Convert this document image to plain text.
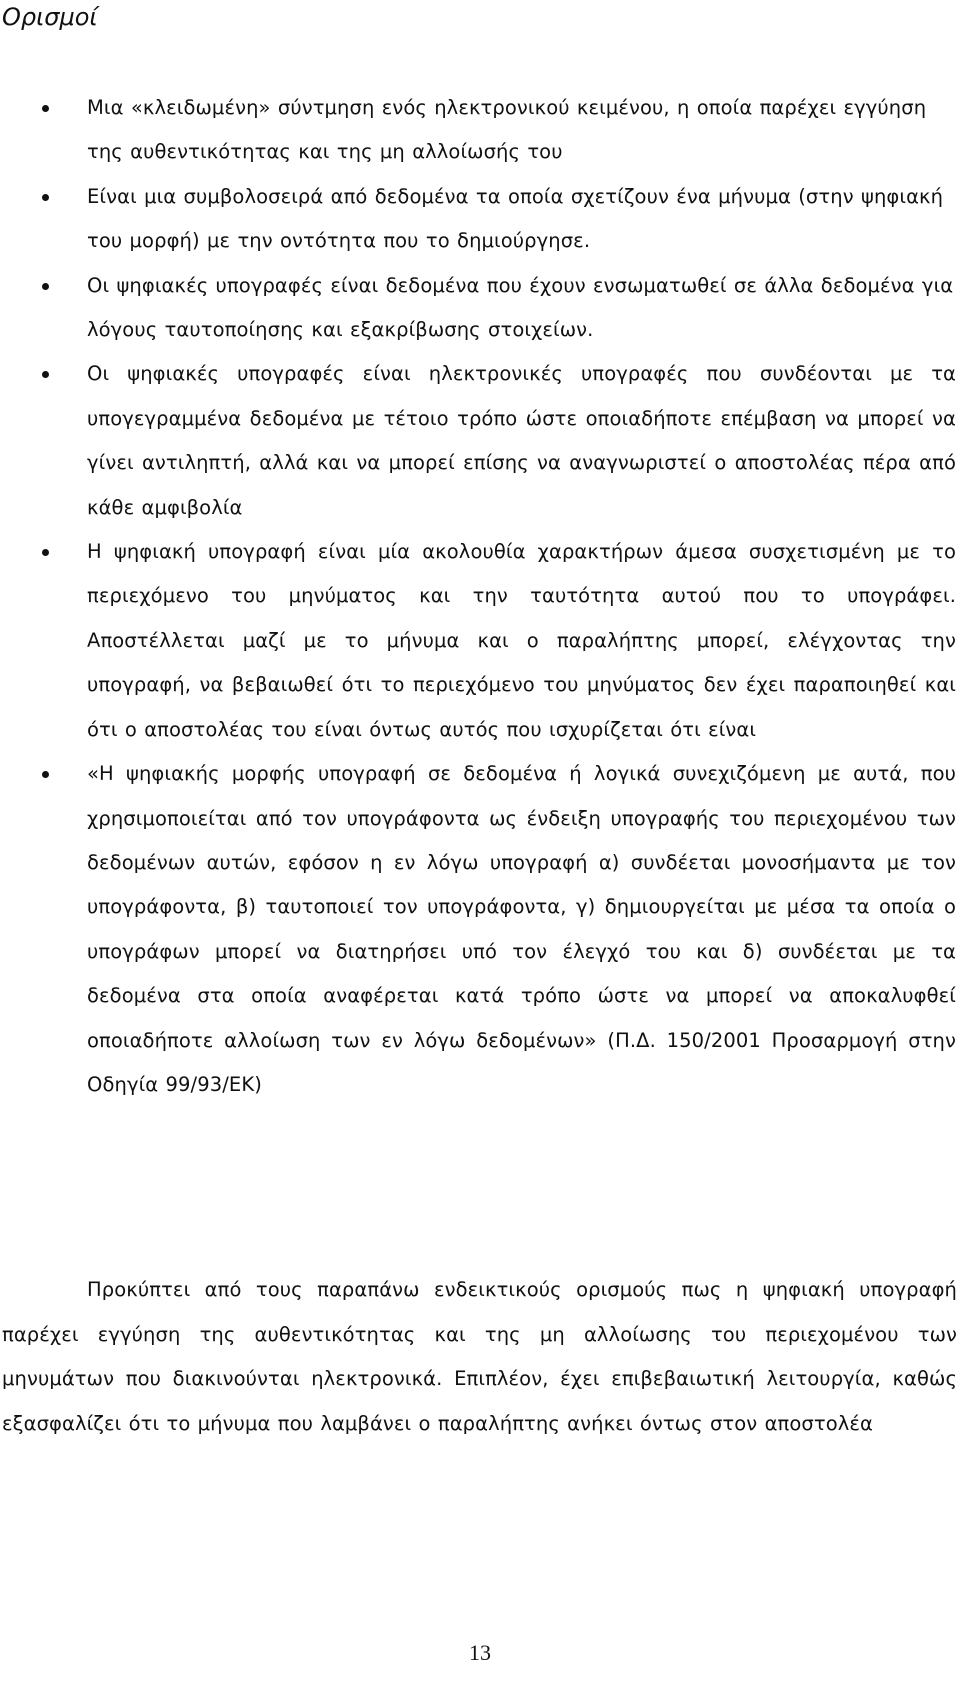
Ορισμοί
Μια «κλειδωμένη» σύντμηση ενός ηλεκτρονικού κειμένου, η οποία παρέχει εγγύηση της αυθεντικότητας και της μη αλλοίωσής του
Είναι μια συμβολοσειρά από δεδομένα τα οποία σχετίζουν ένα μήνυμα (στην ψηφιακή του μορφή) με την οντότητα που το δημιούργησε.
Οι ψηφιακές υπογραφές είναι δεδομένα που έχουν ενσωματωθεί σε άλλα δεδομένα για λόγους ταυτοποίησης και εξακρίβωσης στοιχείων.
Οι ψηφιακές υπογραφές είναι ηλεκτρονικές υπογραφές που συνδέονται με τα υπογεγραμμένα δεδομένα με τέτοιο τρόπο ώστε οποιαδήποτε επέμβαση να μπορεί να γίνει αντιληπτή, αλλά και να μπορεί επίσης να αναγνωριστεί ο αποστολέας πέρα από κάθε αμφιβολία
Η ψηφιακή υπογραφή είναι μία ακολουθία χαρακτήρων άμεσα συσχετισμένη με το περιεχόμενο του μηνύματος και την ταυτότητα αυτού που το υπογράφει. Αποστέλλεται μαζί με το μήνυμα και ο παραλήπτης μπορεί, ελέγχοντας την υπογραφή, να βεβαιωθεί ότι το περιεχόμενο του μηνύματος δεν έχει παραποιηθεί και ότι ο αποστολέας του είναι όντως αυτός που ισχυρίζεται ότι είναι
«Η ψηφιακής μορφής υπογραφή σε δεδομένα ή λογικά συνεχιζόμενη με αυτά, που χρησιμοποιείται από τον υπογράφοντα ως ένδειξη υπογραφής του περιεχομένου των δεδομένων αυτών, εφόσον η εν λόγω υπογραφή α) συνδέεται μονοσήμαντα με τον υπογράφοντα, β) ταυτοποιεί τον υπογράφοντα, γ) δημιουργείται με μέσα τα οποία ο υπογράφων μπορεί να διατηρήσει υπό τον έλεγχό του και δ) συνδέεται με τα δεδομένα στα οποία αναφέρεται κατά τρόπο ώστε να μπορεί να αποκαλυφθεί οποιαδήποτε αλλοίωση των εν λόγω δεδομένων» (Π.Δ. 150/2001 Προσαρμογή στην Οδηγία 99/93/ΕΚ)

Προκύπτει από τους παραπάνω ενδεικτικούς ορισμούς πως η ψηφιακή υπογραφή παρέχει εγγύηση της αυθεντικότητας και της μη αλλοίωσης του περιεχομένου των μηνυμάτων που διακινούνται ηλεκτρονικά. Επιπλέον, έχει επιβεβαιωτική λειτουργία, καθώς εξασφαλίζει ότι το μήνυμα που λαμβάνει ο παραλήπτης ανήκει όντως στον αποστολέα

13
